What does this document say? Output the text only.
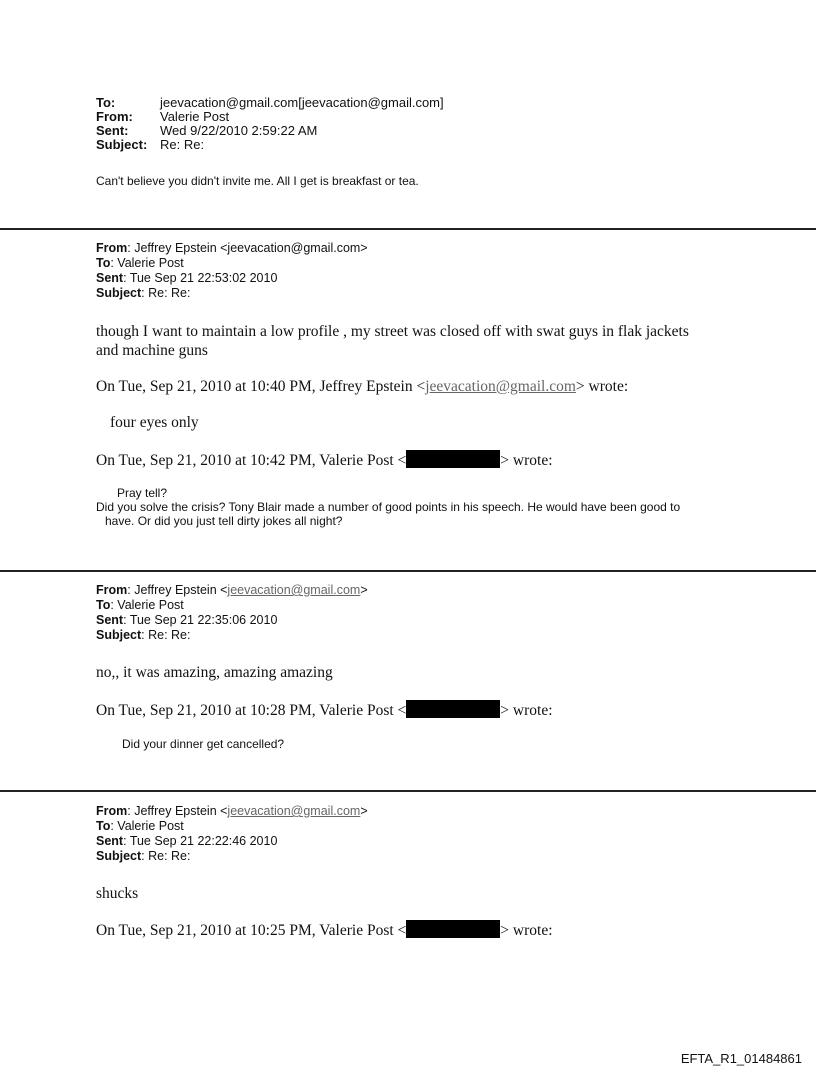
To:	jeevacation@gmail.com[jeevacation@gmail.com]
From: Valerie Post
Sent: Wed 9/22/2010 2:59:22 AM
Subject: Re: Re:
Can't believe you didn't invite me. All I get is breakfast or tea.
From: Jeffrey Epstein <jeevacation@gmail.com>
To: Valerie Post
Sent: Tue Sep 21 22:53:02 2010
Subject: Re: Re:
though I want to maintain a low profile , my street was closed off with swat guys in flak jackets
and machine guns
On Tue, Sep 21, 2010 at 10:40 PM, Jeffrey Epstein <jeevacation@gmail.com> wrote:
four eyes only
On Tue, Sep 21, 2010 at 10:42 PM, Valerie Post <	> wrote:
Pray tell?
Did you solve the crisis? Tony Blair made a number of good points in his speech. He would have been good to
have. Or did you just tell dirty jokes all night?
From: Jeffrey Epstein <jeevacation@gmail.com>
To: Valerie Post
Sent: Tue Sep 21 22:35:06 2010
Subject: Re: Re:
no,, it was amazing, amazing amazing
On Tue, Sep 21, 2010 at 10:28 PM, Valerie Post <	> wrote:
Did your dinner get cancelled?
From: Jeffrey Epstein <jeevacation@gmail.com>
To: Valerie Post
Sent: Tue Sep 21 22:22:46 2010
Subject: Re: Re:
shucks
On Tue, Sep 21, 2010 at 10:25 PM, Valerie Post <	> wrote:
EFTA_R1_01484861
